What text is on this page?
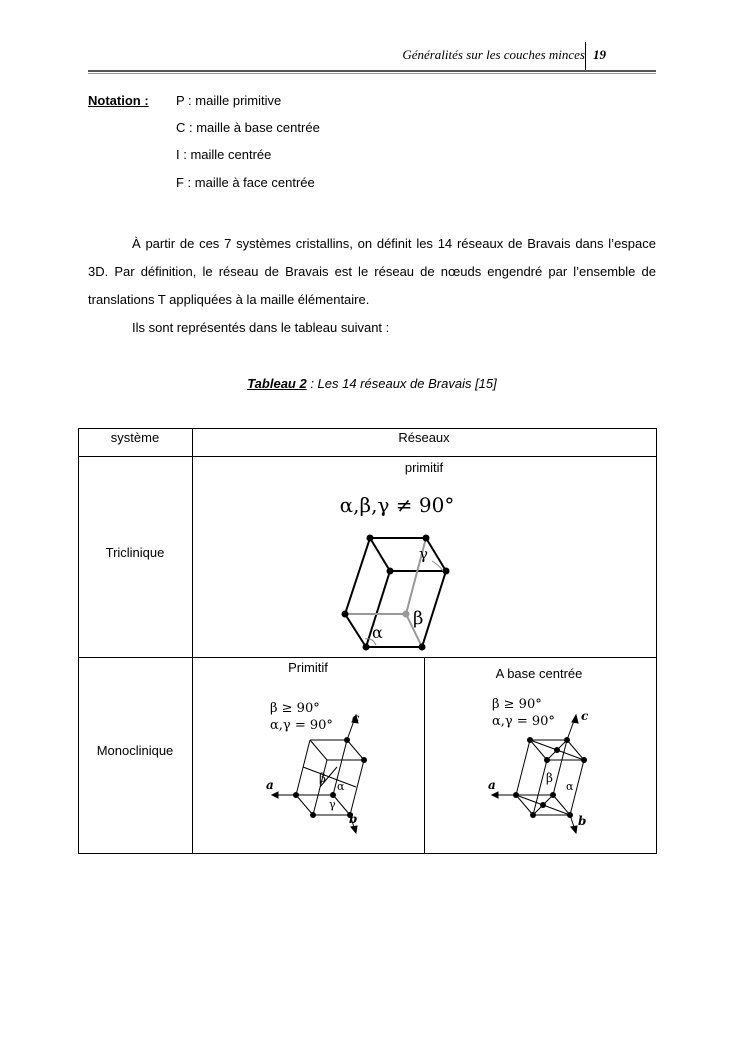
Généralités sur les couches minces 19
Notation : P : maille primitive
C : maille à base centrée
I : maille centrée
F : maille à face centrée
À partir de ces 7 systèmes cristallins, on définit les 14 réseaux de Bravais dans l’espace
3D. Par définition, le réseau de Bravais est le réseau de nœuds engendré par l’ensemble de
translations T appliquées à la maille élémentaire.
Ils sont représentés dans le tableau suivant :
Tableau 2 : Les 14 réseaux de Bravais [15]
système	Réseaux
Triclinique
primitif
α,β,γ ≠ 90°
γ
β
α
Monoclinique
Primitif
β ≥ 90°
α,γ = 90° c
a
b
β
α
γ
A base centrée
β ≥ 90°
α,γ = 90° c
a
b
β
α
